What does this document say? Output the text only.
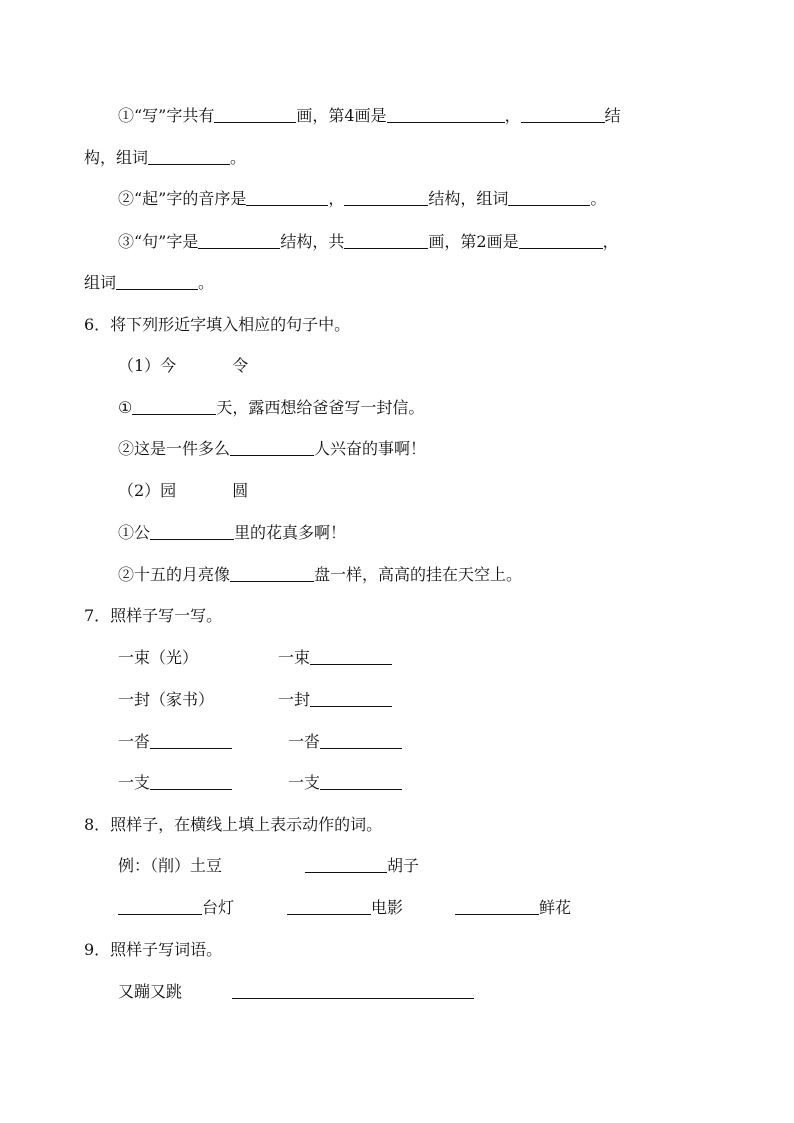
①“写”字共有	画，第4画是	，	结
构，组词	。
②“起”字的音序是	，	结构，组词	。
③“句”字是	结构，共	画，第2画是	，
组词	。
6．将下列形近字填入相应的句子中。
（1）今	令
①	天，露西想给爸爸写一封信。
②这是一件多么	人兴奋的事啊！
（2）园	圆
①公	里的花真多啊！
②十五的月亮像	盘一样，高高的挂在天空上。
7．照样子写一写。
一束（光）	一束
一封（家书）	一封
一沓	一沓
一支	一支
8．照样子，在横线上填上表示动作的词。
例：（削）土豆	胡子
台灯	电影	鲜花
9．照样子写词语。
又蹦又跳
